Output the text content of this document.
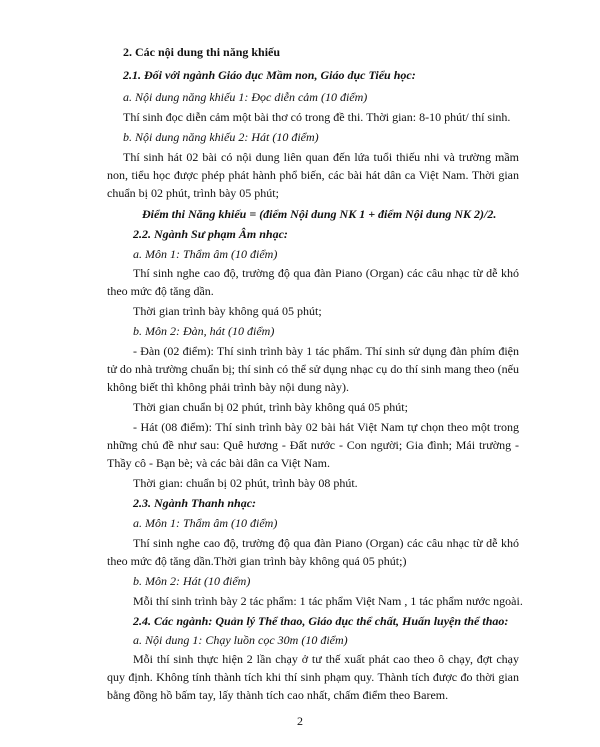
2. Các nội dung thi năng khiếu
2.1. Đối với ngành Giáo dục Mầm non, Giáo dục Tiểu học:
a. Nội dung năng khiếu 1: Đọc diễn cảm (10 điểm)
Thí sinh đọc diễn cảm một bài thơ có trong đề thi. Thời gian: 8-10 phút/ thí sinh.
b. Nội dung năng khiếu 2: Hát (10 điểm)
Thí sinh hát 02 bài có nội dung liên quan đến lứa tuổi thiếu nhi và trường mầm
non, tiểu học được phép phát hành phổ biến, các bài hát dân ca Việt Nam. Thời gian
chuẩn bị 02 phút, trình bày 05 phút;
Điểm thi Năng khiếu = (điểm Nội dung NK 1 + điểm Nội dung NK 2)/2.
2.2. Ngành Sư phạm Âm nhạc:
a. Môn 1: Thẩm âm (10 điểm)
Thí sinh nghe cao độ, trường độ qua đàn Piano (Organ) các câu nhạc từ dễ khó
theo mức độ tăng dần.
Thời gian trình bày không quá 05 phút;
b. Môn 2: Đàn, hát (10 điểm)
- Đàn (02 điểm): Thí sinh trình bày 1 tác phẩm. Thí sinh sử dụng đàn phím điện
tử do nhà trường chuẩn bị; thí sinh có thể sử dụng nhạc cụ do thí sinh mang theo (nếu
không biết thì không phải trình bày nội dung này).
Thời gian chuẩn bị 02 phút, trình bày không quá 05 phút;
- Hát (08 điểm): Thí sinh trình bày 02 bài hát Việt Nam tự chọn theo một trong
những chủ đề như sau: Quê hương - Đất nước - Con người; Gia đình; Mái trường -
Thầy cô - Bạn bè; và các bài dân ca Việt Nam.
Thời gian: chuẩn bị 02 phút, trình bày 08 phút.
2.3. Ngành Thanh nhạc:
a. Môn 1: Thẩm âm (10 điểm)
Thí sinh nghe cao độ, trường độ qua đàn Piano (Organ) các câu nhạc từ dễ khó
theo mức độ tăng dần.Thời gian trình bày không quá 05 phút;)
b. Môn 2: Hát (10 điểm)
Mỗi thí sinh trình bày 2 tác phẩm: 1 tác phẩm Việt Nam , 1 tác phẩm nước ngoài.
2.4. Các ngành: Quản lý Thể thao, Giáo dục thể chất, Huấn luyện thể thao:
a. Nội dung 1: Chạy luồn cọc 30m (10 điểm)
Mỗi thí sinh thực hiện 2 lần chạy ở tư thế xuất phát cao theo ô chạy, đợt chạy
quy định. Không tính thành tích khi thí sinh phạm quy. Thành tích được đo thời gian
bằng đồng hồ bấm tay, lấy thành tích cao nhất, chấm điểm theo Barem.
2
